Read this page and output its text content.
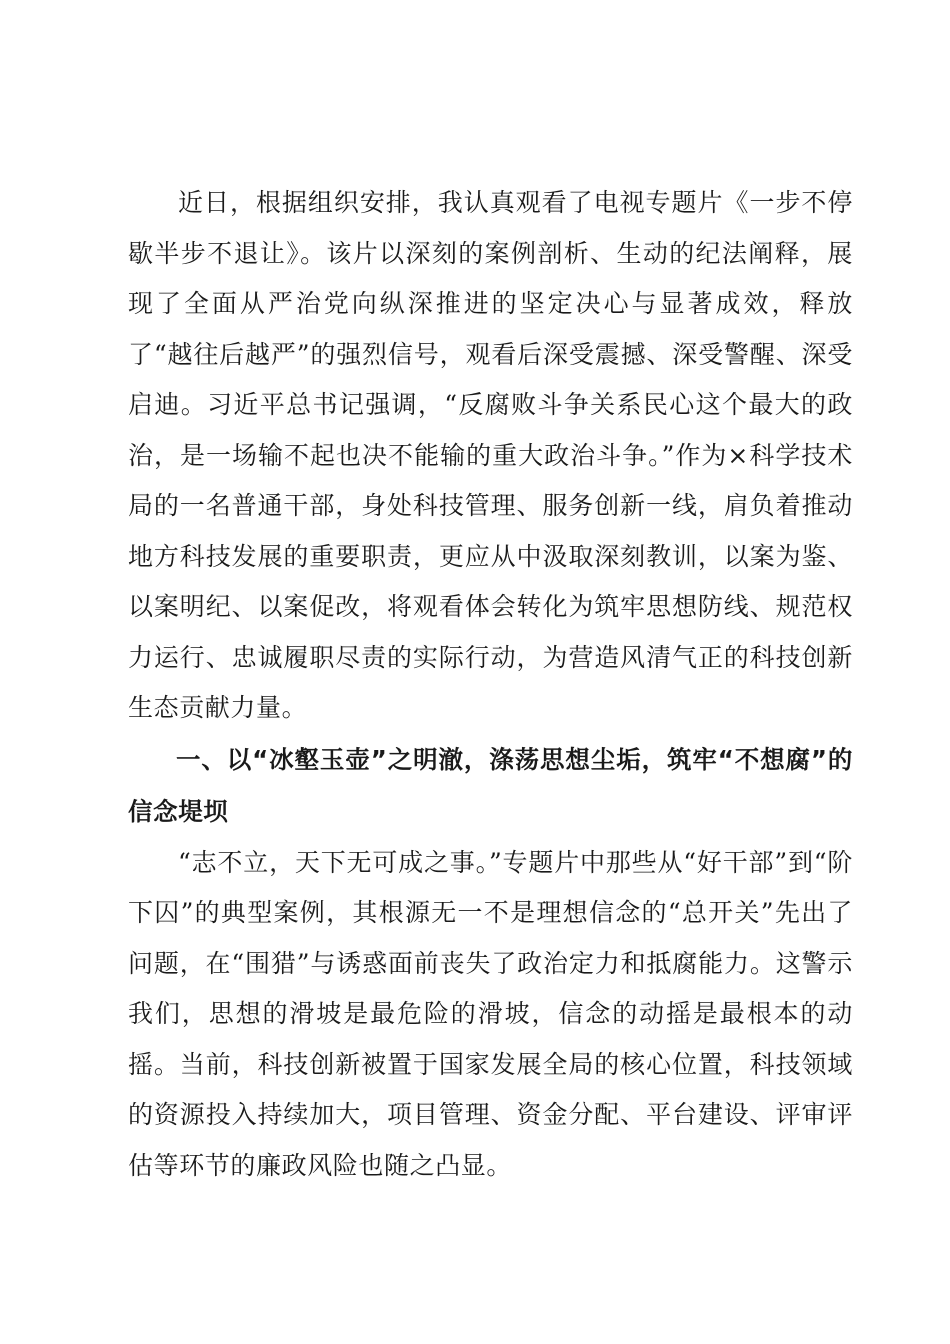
近日，根据组织安排，我认真观看了电视专题片《一步不停歇半步不退让》。该片以深刻的案例剖析、生动的纪法阐释，展现了全面从严治党向纵深推进的坚定决心与显著成效，释放了“越往后越严”的强烈信号，观看后深受震撼、深受警醒、深受启迪。习近平总书记强调，“反腐败斗争关系民心这个最大的政治，是一场输不起也决不能输的重大政治斗争。”作为×科学技术局的一名普通干部，身处科技管理、服务创新一线，肩负着推动地方科技发展的重要职责，更应从中汲取深刻教训，以案为鉴、以案明纪、以案促改，将观看体会转化为筑牢思想防线、规范权力运行、忠诚履职尽责的实际行动，为营造风清气正的科技创新生态贡献力量。

一、以“冰壑玉壶”之明澈，涤荡思想尘垢，筑牢“不想腐”的信念堤坝

“志不立，天下无可成之事。”专题片中那些从“好干部”到“阶下囚”的典型案例，其根源无一不是理想信念的“总开关”先出了问题，在“围猎”与诱惑面前丧失了政治定力和抵腐能力。这警示我们，思想的滑坡是最危险的滑坡，信念的动摇是最根本的动摇。当前，科技创新被置于国家发展全局的核心位置，科技领域的资源投入持续加大，项目管理、资金分配、平台建设、评审评估等环节的廉政风险也随之凸显。
